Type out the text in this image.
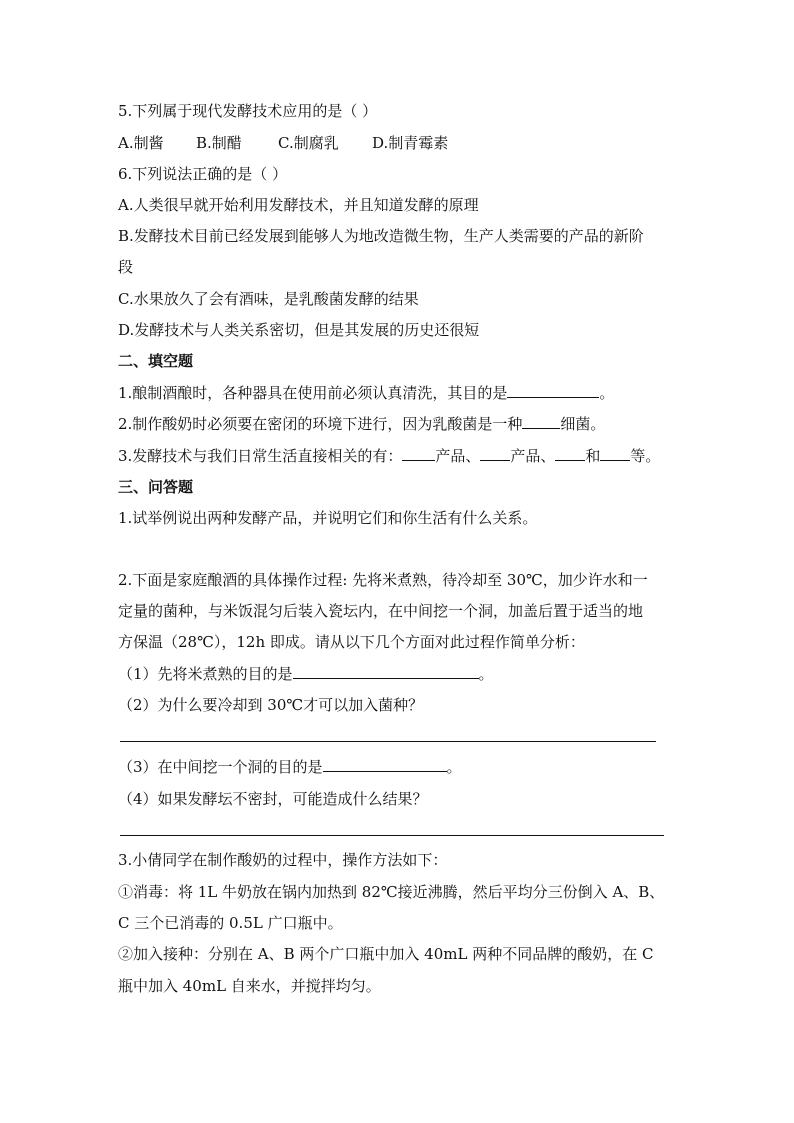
5.下列属于现代发酵技术应用的是（ ）
A.制酱 B.制醋 C.制腐乳 D.制青霉素
6.下列说法正确的是（ ）
A.人类很早就开始利用发酵技术，并且知道发酵的原理
B.发酵技术目前已经发展到能够人为地改造微生物，生产人类需要的产品的新阶
段
C.水果放久了会有酒味，是乳酸菌发酵的结果
D.发酵技术与人类关系密切，但是其发展的历史还很短
二、填空题
1.酿制酒酿时，各种器具在使用前必须认真清洗，其目的是	。
2.制作酸奶时必须要在密闭的环境下进行，因为乳酸菌是一种	细菌。
3.发酵技术与我们日常生活直接相关的有： 产品、 产品、 和 等。
三、问答题
1.试举例说出两种发酵产品，并说明它们和你生活有什么关系。
2.下面是家庭酿酒的具体操作过程: 先将米煮熟，待冷却至 30℃，加少许水和一
定量的菌种，与米饭混匀后装入瓷坛内，在中间挖一个洞，加盖后置于适当的地
方保温（28℃），12h 即成。请从以下几个方面对此过程作简单分析：
（1）先将米煮熟的目的是	。
（2）为什么要冷却到 30℃才可以加入菌种？
（3）在中间挖一个洞的目的是	。
（4）如果发酵坛不密封，可能造成什么结果？
3.小倩同学在制作酸奶的过程中，操作方法如下：
①消毒：将 1L 牛奶放在锅内加热到 82℃接近沸腾，然后平均分三份倒入 A、B、
C 三个已消毒的 0.5L 广口瓶中。
②加入接种：分别在 A、B 两个广口瓶中加入 40mL 两种不同品牌的酸奶，在 C
瓶中加入 40mL 自来水，并搅拌均匀。
